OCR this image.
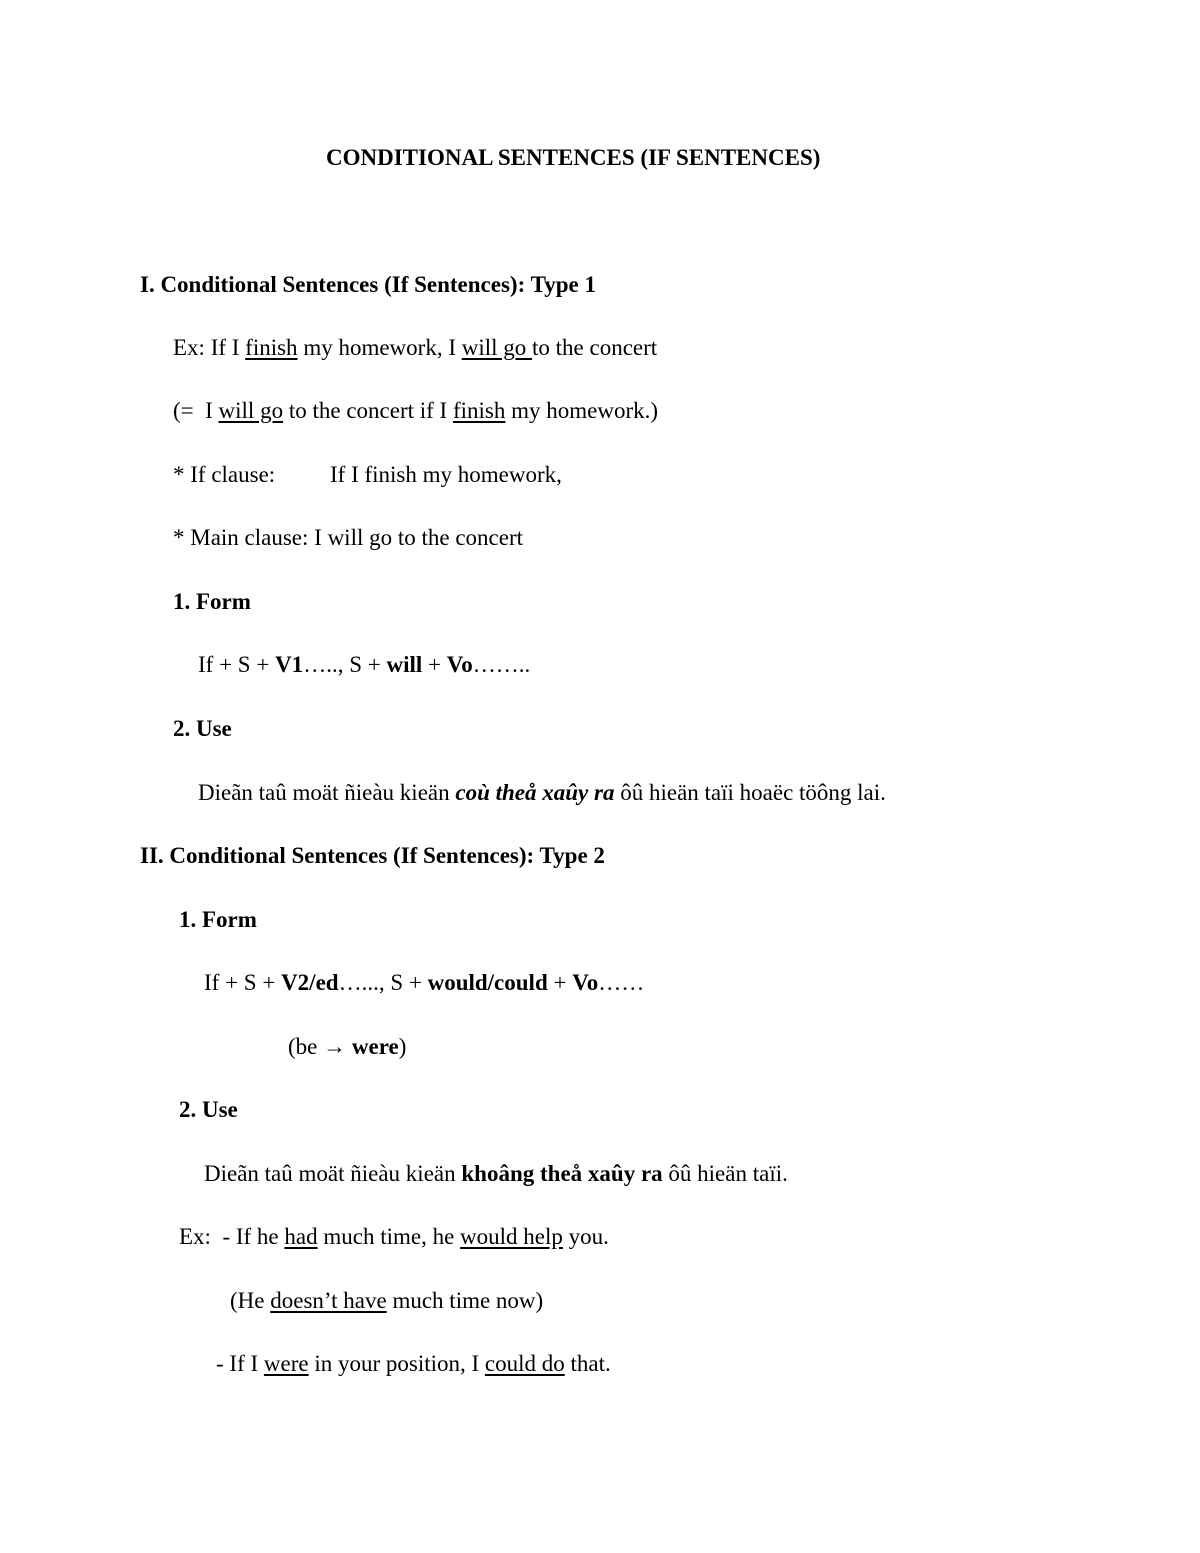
CONDITIONAL SENTENCES (IF SENTENCES)
I. Conditional Sentences (If Sentences): Type 1
Ex: If I finish my homework, I will go to the concert
(=  I will go to the concert if I finish my homework.)
* If clause: If I finish my homework,
* Main clause: I will go to the concert
1. Form
If + S + V1….., S + will + Vo……..
2. Use
Dieãn taû moät ñieàu kieän coù theå xaûy ra ôû hieän taïi hoaëc töông lai.
II. Conditional Sentences (If Sentences): Type 2
1. Form
If + S + V2/ed…..., S + would/could + Vo……
(be → were)
2. Use
Dieãn taû moät ñieàu kieän khoâng theå xaûy ra ôû hieän taïi.
Ex:  - If he had much time, he would help you.
(He doesn’t have much time now)
- If I were in your position, I could do that.
